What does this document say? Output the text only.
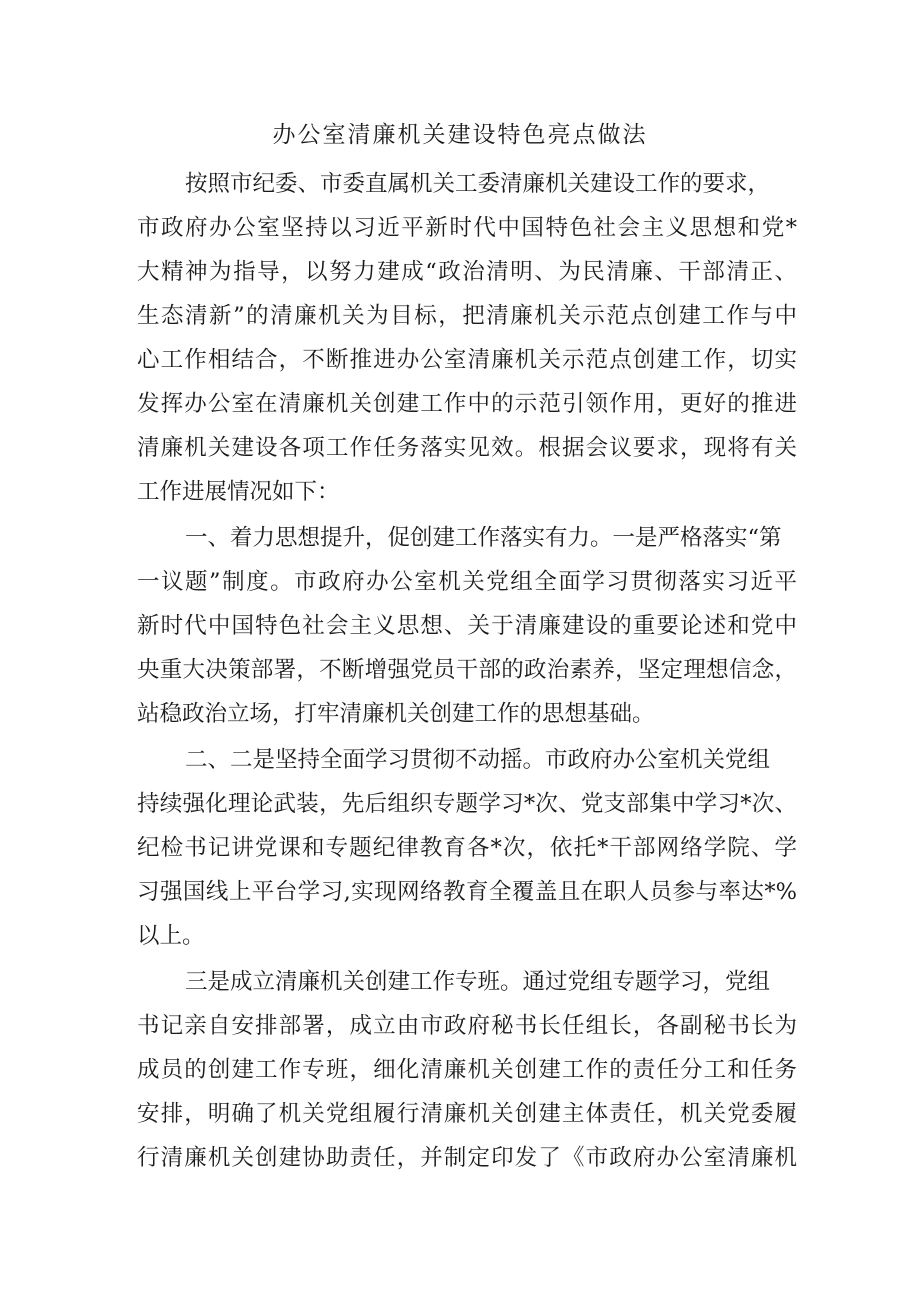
办公室清廉机关建设特色亮点做法
按照市纪委、市委直属机关工委清廉机关建设工作的要求，
市政府办公室坚持以习近平新时代中国特色社会主义思想和党*
大精神为指导，以努力建成“政治清明、为民清廉、干部清正、
生态清新”的清廉机关为目标，把清廉机关示范点创建工作与中
心工作相结合，不断推进办公室清廉机关示范点创建工作，切实
发挥办公室在清廉机关创建工作中的示范引领作用，更好的推进
清廉机关建设各项工作任务落实见效。根据会议要求，现将有关
工作进展情况如下：
一、着力思想提升，促创建工作落实有力。一是严格落实“第
一议题”制度。市政府办公室机关党组全面学习贯彻落实习近平
新时代中国特色社会主义思想、关于清廉建设的重要论述和党中
央重大决策部署，不断增强党员干部的政治素养，坚定理想信念，
站稳政治立场，打牢清廉机关创建工作的思想基础。
二、二是坚持全面学习贯彻不动摇。市政府办公室机关党组
持续强化理论武装，先后组织专题学习*次、党支部集中学习*次、
纪检书记讲党课和专题纪律教育各*次，依托*干部网络学院、学
习强国线上平台学习,实现网络教育全覆盖且在职人员参与率达*%
以上。
三是成立清廉机关创建工作专班。通过党组专题学习，党组
书记亲自安排部署，成立由市政府秘书长任组长，各副秘书长为
成员的创建工作专班，细化清廉机关创建工作的责任分工和任务
安排，明确了机关党组履行清廉机关创建主体责任，机关党委履
行清廉机关创建协助责任，并制定印发了《市政府办公室清廉机
